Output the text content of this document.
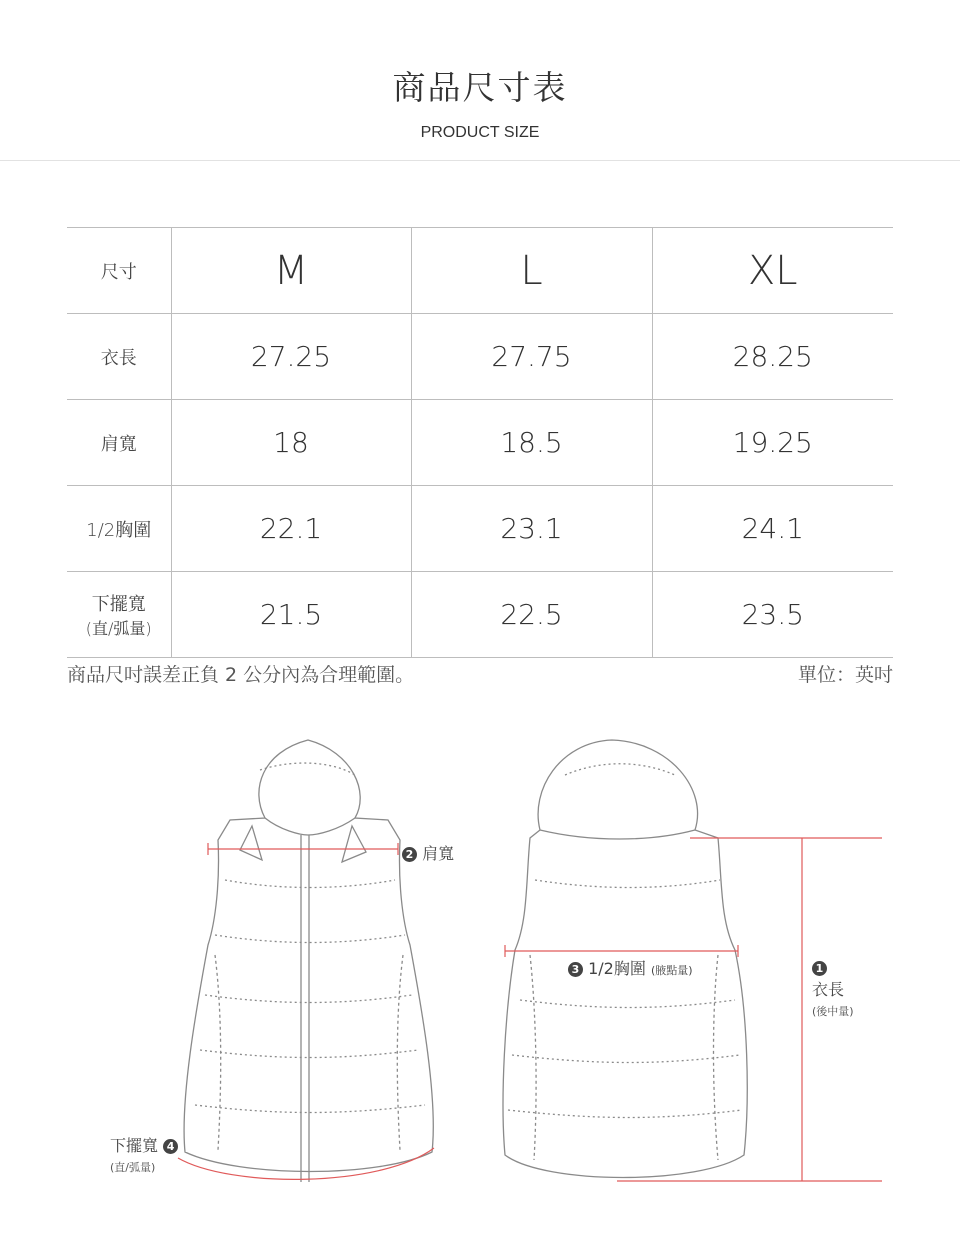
商品尺寸表
PRODUCT SIZE
尺寸	M	L	XL
衣長	27.25	27.75	28.25
肩寬	18	18.5	19.25
1/2胸圍	22.1	23.1	24.1
下擺寬
(直/弧量)	21.5	22.5	23.5
商品尺吋誤差正負 2 公分內為合理範圍。	單位：英吋
2 肩寬
3 1/2胸圍 (腋點量)	1
衣長
(後中量)
下擺寬 4
(直/弧量)
